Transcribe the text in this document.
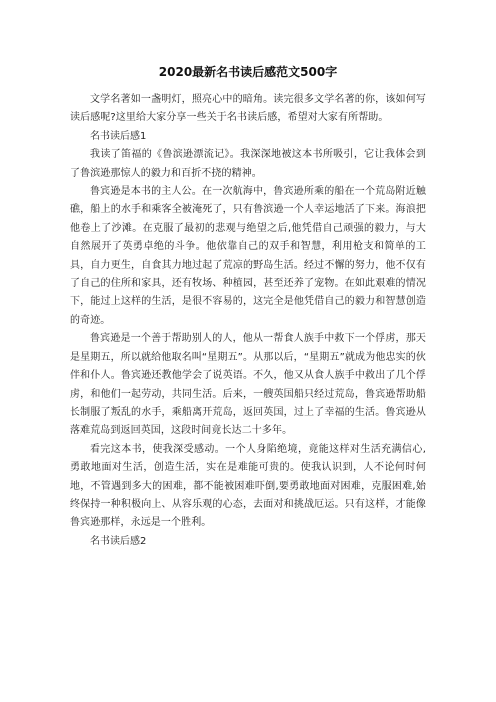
2020最新名书读后感范文500字

文学名著如一盏明灯，照亮心中的暗角。读完很多文学名著的你，该如何写读后感呢?这里给大家分享一些关于名书读后感，希望对大家有所帮助。

名书读后感1

我读了笛福的《鲁滨逊漂流记》。我深深地被这本书所吸引，它让我体会到了鲁滨逊那惊人的毅力和百折不挠的精神。

鲁宾逊是本书的主人公。在一次航海中，鲁宾逊所乘的船在一个荒岛附近触礁，船上的水手和乘客全被淹死了，只有鲁滨逊一个人幸运地活了下来。海浪把他卷上了沙滩。在克服了最初的悲观与绝望之后,他凭借自己顽强的毅力，与大自然展开了英勇卓绝的斗争。他依靠自己的双手和智慧，利用枪支和简单的工具，自力更生，自食其力地过起了荒凉的野岛生活。经过不懈的努力，他不仅有了自己的住所和家具，还有牧场、种植园，甚至还养了宠物。在如此艰难的情况下，能过上这样的生活，是很不容易的，这完全是他凭借自己的毅力和智慧创造的奇迹。

鲁宾逊是一个善于帮助别人的人，他从一帮食人族手中救下一个俘虏，那天是星期五，所以就给他取名叫“星期五”。从那以后，“星期五”就成为他忠实的伙伴和仆人。鲁宾逊还教他学会了说英语。不久，他又从食人族手中救出了几个俘虏，和他们一起劳动，共同生活。后来，一艘英国船只经过荒岛，鲁宾逊帮助船长制服了叛乱的水手，乘船离开荒岛，返回英国，过上了幸福的生活。鲁宾逊从落难荒岛到返回英国，这段时间竟长达二十多年。

看完这本书，使我深受感动。一个人身陷绝境，竟能这样对生活充满信心,勇敢地面对生活，创造生活，实在是难能可贵的。使我认识到，人不论何时何地，不管遇到多大的困难，都不能被困难吓倒,要勇敢地面对困难，克服困难,始终保持一种积极向上、从容乐观的心态，去面对和挑战厄运。只有这样，才能像鲁宾逊那样，永远是一个胜利。

名书读后感2
